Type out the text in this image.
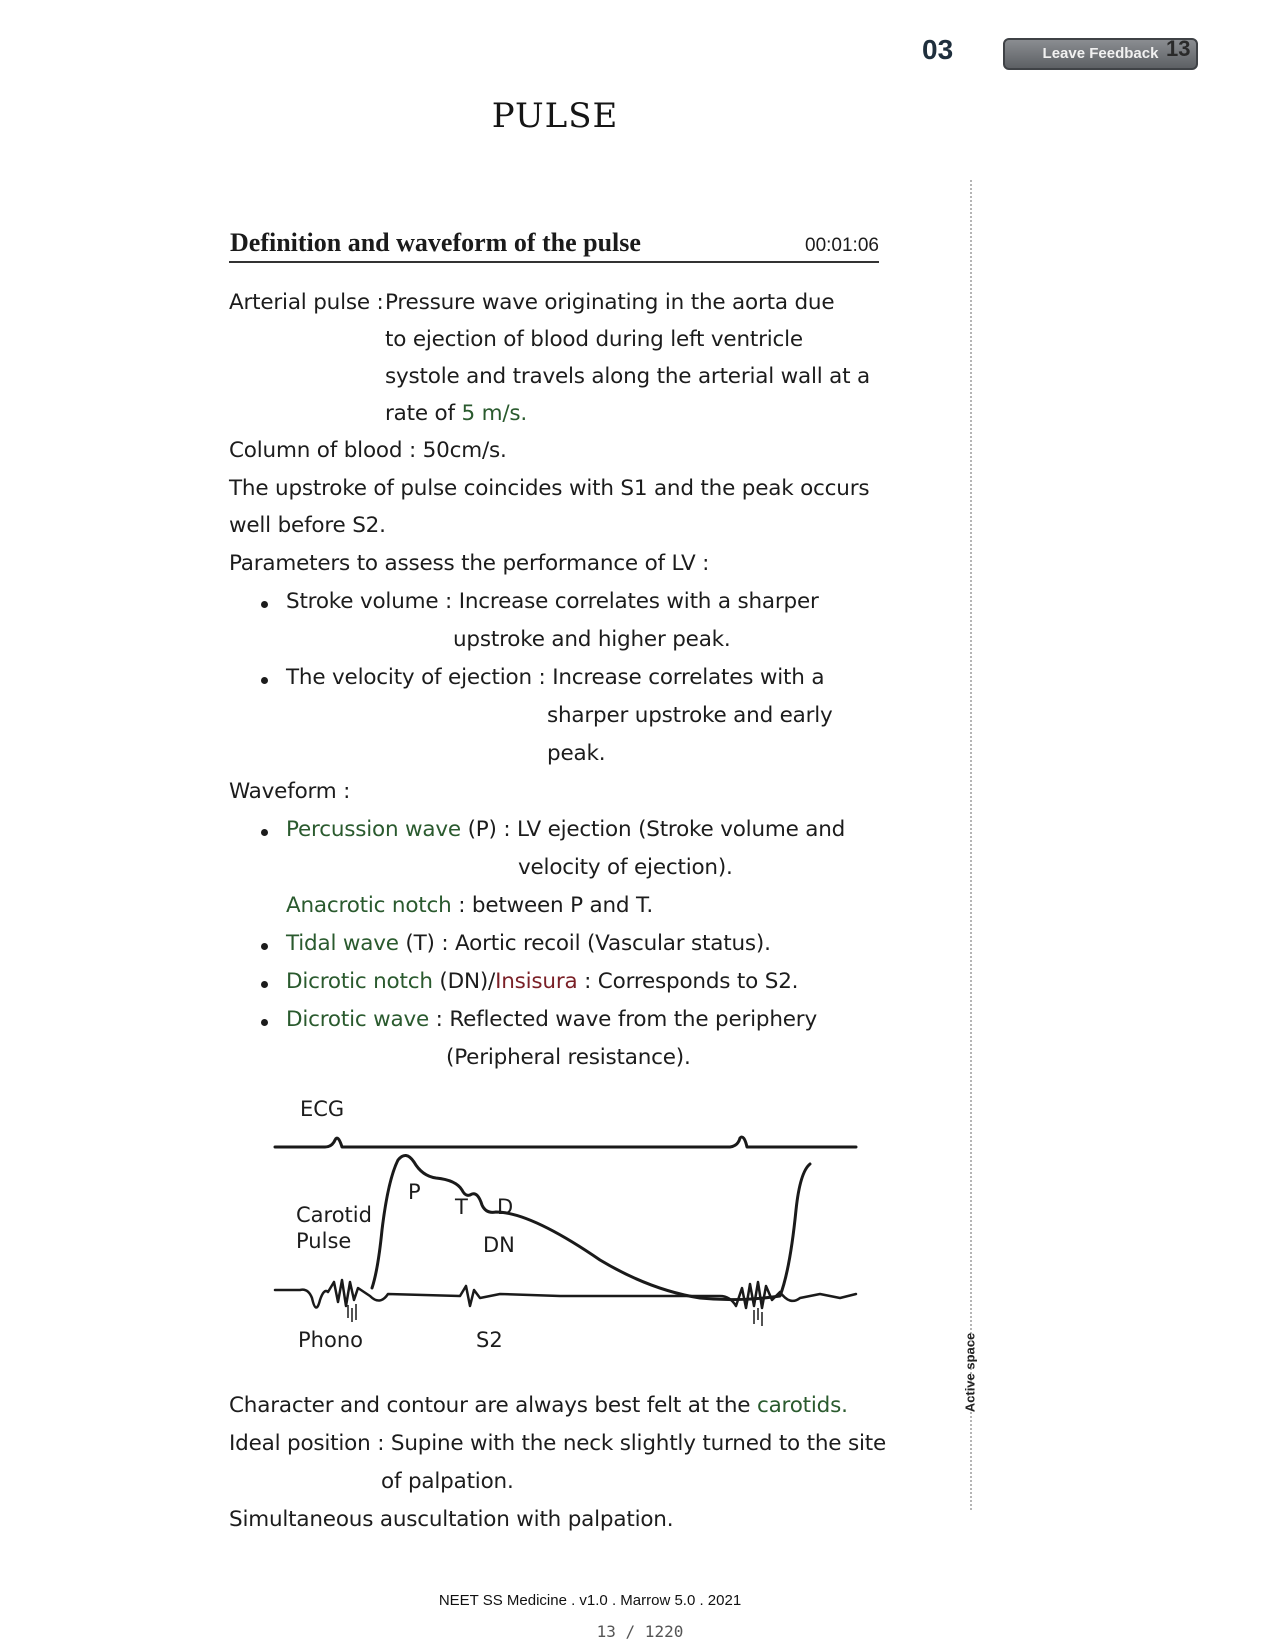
03	Leave Feedback 13
PULSE
Definition and waveform of the pulse	00:01:06
Active space
Arterial pulse : Pressure wave originating in the aorta due
to ejection of blood during left ventricle
systole and travels along the arterial wall at a
rate of 5 m/s.
Column of blood : 50cm/s.
The upstroke of pulse coincides with S1 and the peak occurs
well before S2.
Parameters to assess the performance of LV :
Stroke volume : Increase correlates with a sharper
upstroke and higher peak.
The velocity of ejection : Increase correlates with a
sharper upstroke and early
peak.
Waveform :
Percussion wave (P) : LV ejection (Stroke volume and
velocity of ejection).
Anacrotic notch : between P and T.
Tidal wave (T) : Aortic recoil (Vascular status).
Dicrotic notch (DN)/Insisura : Corresponds to S2.
Dicrotic wave : Reflected wave from the periphery
(Peripheral resistance).
ECG
Carotid
Pulse
P
T D
DN
Phono	S2
Character and contour are always best felt at the carotids.
Ideal position : Supine with the neck slightly turned to the site
of palpation.
Simultaneous auscultation with palpation.
NEET SS Medicine . v1.0 . Marrow 5.0 . 2021
13 / 1220
